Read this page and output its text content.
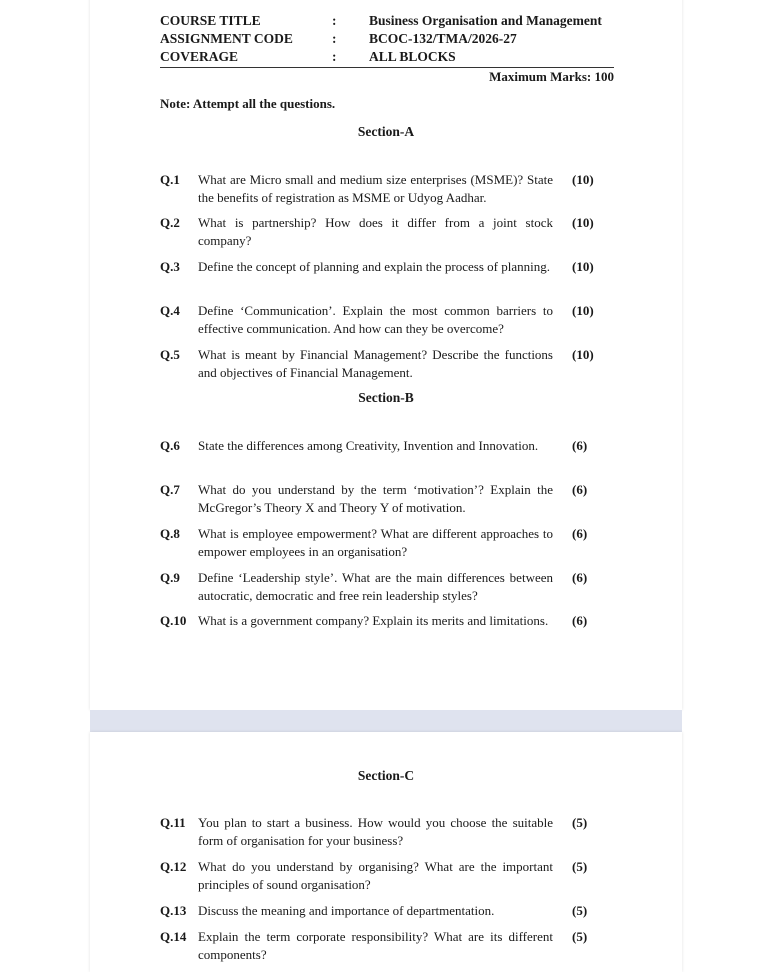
COURSE TITLE	: Business Organisation and Management
ASSIGNMENT CODE	: BCOC-132/TMA/2026-27
COVERAGE	: ALL BLOCKS
Maximum Marks: 100
Note: Attempt all the questions.
Section-A
Q.1 What are Micro small and medium size enterprises (MSME)? State the benefits of registration as MSME or Udyog Aadhar.
(10)
Q.2 What is partnership? How does it differ from a joint stock company?
(10)
Q.3 Define the concept of planning and explain the process of planning. (10)
Q.4 Define ‘Communication’. Explain the most common barriers to effective communication. And how can they be overcome?
(10)
Q.5 What is meant by Financial Management? Describe the functions and objectives of Financial Management.
(10)
Section-B
Q.6 State the differences among Creativity, Invention and Innovation.	(6)
Q.7 What do you understand by the term ‘motivation’? Explain the McGregor’s Theory X and Theory Y of motivation.
(6)
Q.8 What is employee empowerment? What are different approaches to empower employees in an organisation?
(6)
Q.9 Define ‘Leadership style’. What are the main differences between autocratic, democratic and free rein leadership styles?
(6)
Q.10 What is a government company? Explain its merits and limitations.	(6)
Section-C
Q.11 You plan to start a business. How would you choose the suitable form of organisation for your business?
(5)
Q.12 What do you understand by organising? What are the important principles of sound organisation?
(5)
Q.13 Discuss the meaning and importance of departmentation.	(5)
Q.14 Explain the term corporate responsibility? What are its different components?
(5)
